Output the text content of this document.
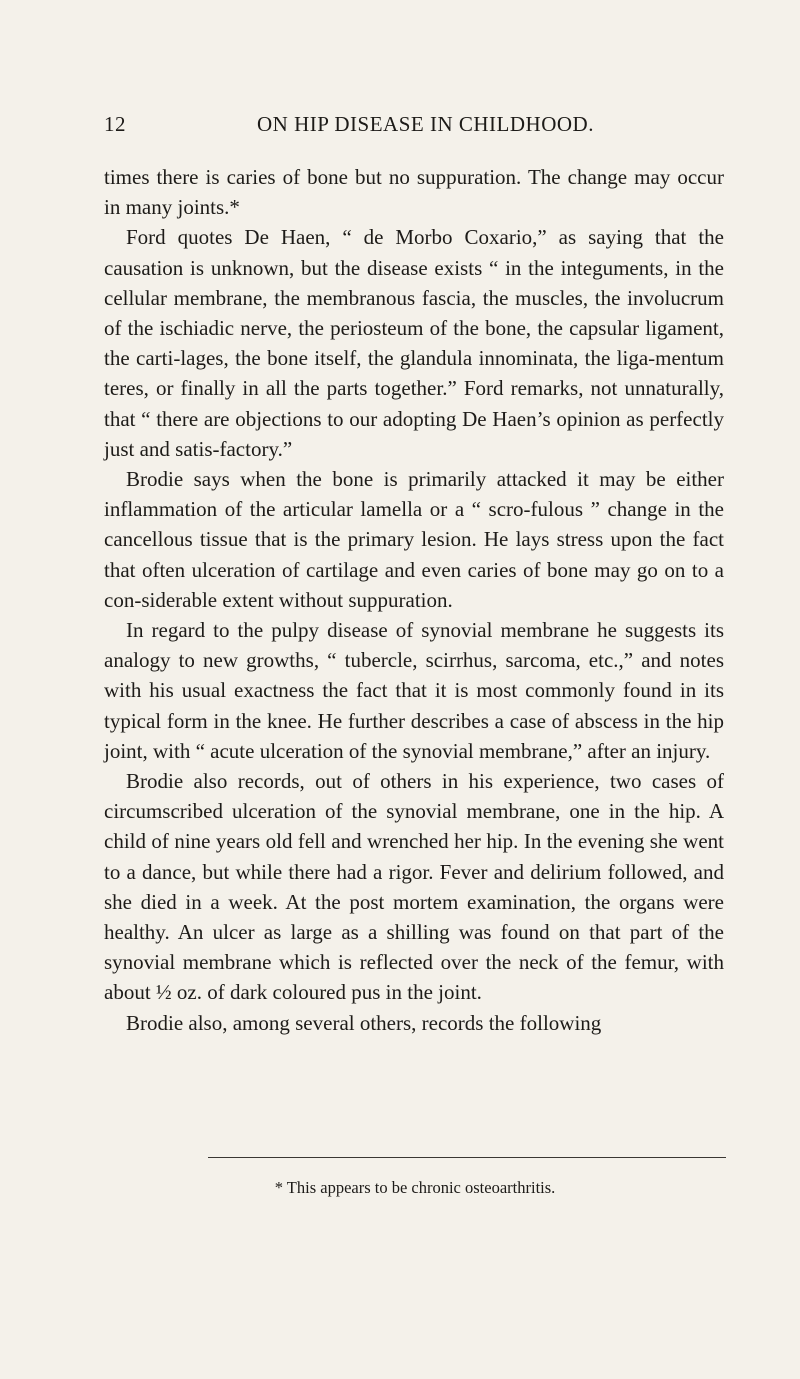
12	ON HIP DISEASE IN CHILDHOOD.

times there is caries of bone but no suppuration. The change may occur in many joints.*

Ford quotes De Haen, “ de Morbo Coxario,” as saying that the causation is unknown, but the disease exists “ in the integuments, in the cellular membrane, the membranous fascia, the muscles, the involucrum of the ischiadic nerve, the periosteum of the bone, the capsular ligament, the carti-lages, the bone itself, the glandula innominata, the liga-mentum teres, or finally in all the parts together.” Ford remarks, not unnaturally, that “ there are objections to our adopting De Haen’s opinion as perfectly just and satis-factory.”

Brodie says when the bone is primarily attacked it may be either inflammation of the articular lamella or a “ scro-fulous ” change in the cancellous tissue that is the primary lesion. He lays stress upon the fact that often ulceration of cartilage and even caries of bone may go on to a con-siderable extent without suppuration.

In regard to the pulpy disease of synovial membrane he suggests its analogy to new growths, “ tubercle, scirrhus, sarcoma, etc.,” and notes with his usual exactness the fact that it is most commonly found in its typical form in the knee. He further describes a case of abscess in the hip joint, with “ acute ulceration of the synovial membrane,” after an injury.

Brodie also records, out of others in his experience, two cases of circumscribed ulceration of the synovial membrane, one in the hip. A child of nine years old fell and wrenched her hip. In the evening she went to a dance, but while there had a rigor. Fever and delirium followed, and she died in a week. At the post mortem examination, the organs were healthy. An ulcer as large as a shilling was found on that part of the synovial membrane which is reflected over the neck of the femur, with about ½ oz. of dark coloured pus in the joint.

Brodie also, among several others, records the following

* This appears to be chronic osteoarthritis.
